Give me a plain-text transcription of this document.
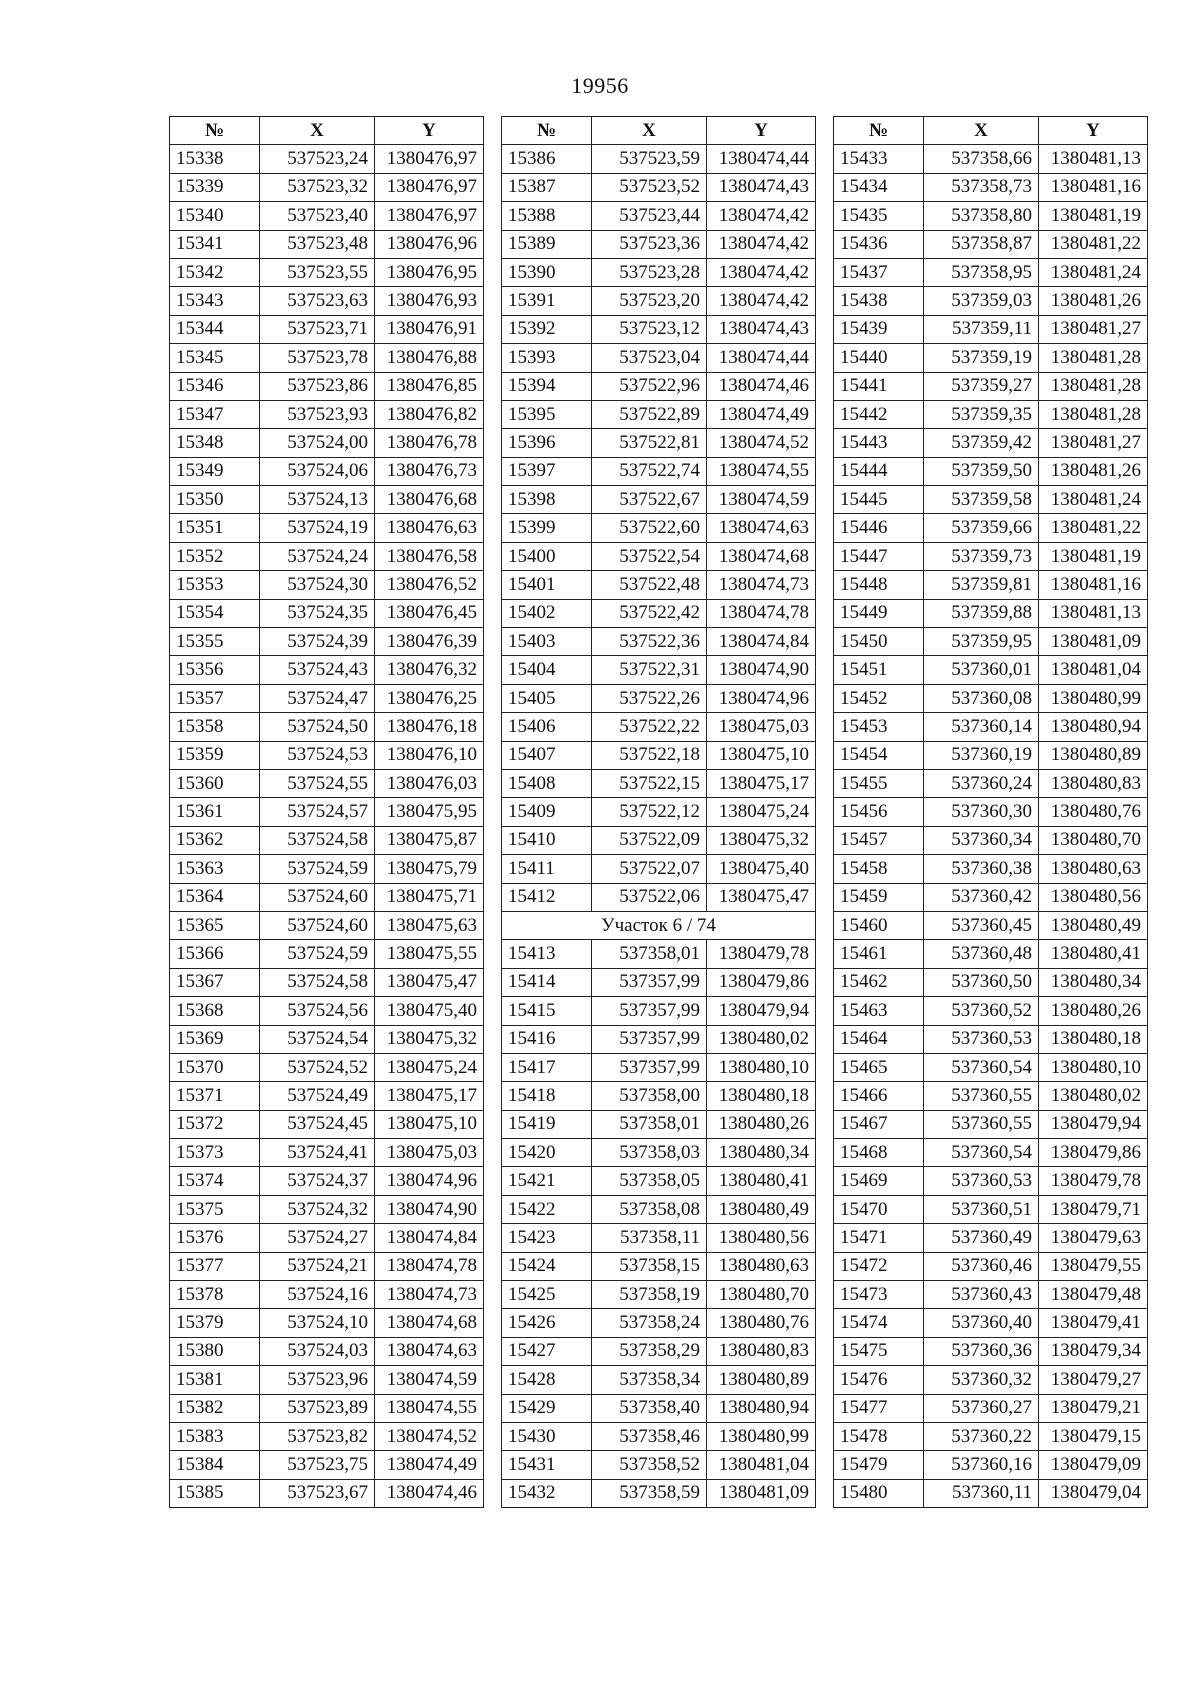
19956
№	X	Y
15338	537523,24	1380476,97
15339	537523,32	1380476,97
15340	537523,40	1380476,97
15341	537523,48	1380476,96
15342	537523,55	1380476,95
15343	537523,63	1380476,93
15344	537523,71	1380476,91
15345	537523,78	1380476,88
15346	537523,86	1380476,85
15347	537523,93	1380476,82
15348	537524,00	1380476,78
15349	537524,06	1380476,73
15350	537524,13	1380476,68
15351	537524,19	1380476,63
15352	537524,24	1380476,58
15353	537524,30	1380476,52
15354	537524,35	1380476,45
15355	537524,39	1380476,39
15356	537524,43	1380476,32
15357	537524,47	1380476,25
15358	537524,50	1380476,18
15359	537524,53	1380476,10
15360	537524,55	1380476,03
15361	537524,57	1380475,95
15362	537524,58	1380475,87
15363	537524,59	1380475,79
15364	537524,60	1380475,71
15365	537524,60	1380475,63
15366	537524,59	1380475,55
15367	537524,58	1380475,47
15368	537524,56	1380475,40
15369	537524,54	1380475,32
15370	537524,52	1380475,24
15371	537524,49	1380475,17
15372	537524,45	1380475,10
15373	537524,41	1380475,03
15374	537524,37	1380474,96
15375	537524,32	1380474,90
15376	537524,27	1380474,84
15377	537524,21	1380474,78
15378	537524,16	1380474,73
15379	537524,10	1380474,68
15380	537524,03	1380474,63
15381	537523,96	1380474,59
15382	537523,89	1380474,55
15383	537523,82	1380474,52
15384	537523,75	1380474,49
15385	537523,67	1380474,46
№	X	Y
15386	537523,59	1380474,44
15387	537523,52	1380474,43
15388	537523,44	1380474,42
15389	537523,36	1380474,42
15390	537523,28	1380474,42
15391	537523,20	1380474,42
15392	537523,12	1380474,43
15393	537523,04	1380474,44
15394	537522,96	1380474,46
15395	537522,89	1380474,49
15396	537522,81	1380474,52
15397	537522,74	1380474,55
15398	537522,67	1380474,59
15399	537522,60	1380474,63
15400	537522,54	1380474,68
15401	537522,48	1380474,73
15402	537522,42	1380474,78
15403	537522,36	1380474,84
15404	537522,31	1380474,90
15405	537522,26	1380474,96
15406	537522,22	1380475,03
15407	537522,18	1380475,10
15408	537522,15	1380475,17
15409	537522,12	1380475,24
15410	537522,09	1380475,32
15411	537522,07	1380475,40
15412	537522,06	1380475,47
Участок 6 / 74		
15413	537358,01	1380479,78
15414	537357,99	1380479,86
15415	537357,99	1380479,94
15416	537357,99	1380480,02
15417	537357,99	1380480,10
15418	537358,00	1380480,18
15419	537358,01	1380480,26
15420	537358,03	1380480,34
15421	537358,05	1380480,41
15422	537358,08	1380480,49
15423	537358,11	1380480,56
15424	537358,15	1380480,63
15425	537358,19	1380480,70
15426	537358,24	1380480,76
15427	537358,29	1380480,83
15428	537358,34	1380480,89
15429	537358,40	1380480,94
15430	537358,46	1380480,99
15431	537358,52	1380481,04
15432	537358,59	1380481,09
№	X	Y
15433	537358,66	1380481,13
15434	537358,73	1380481,16
15435	537358,80	1380481,19
15436	537358,87	1380481,22
15437	537358,95	1380481,24
15438	537359,03	1380481,26
15439	537359,11	1380481,27
15440	537359,19	1380481,28
15441	537359,27	1380481,28
15442	537359,35	1380481,28
15443	537359,42	1380481,27
15444	537359,50	1380481,26
15445	537359,58	1380481,24
15446	537359,66	1380481,22
15447	537359,73	1380481,19
15448	537359,81	1380481,16
15449	537359,88	1380481,13
15450	537359,95	1380481,09
15451	537360,01	1380481,04
15452	537360,08	1380480,99
15453	537360,14	1380480,94
15454	537360,19	1380480,89
15455	537360,24	1380480,83
15456	537360,30	1380480,76
15457	537360,34	1380480,70
15458	537360,38	1380480,63
15459	537360,42	1380480,56
15460	537360,45	1380480,49
15461	537360,48	1380480,41
15462	537360,50	1380480,34
15463	537360,52	1380480,26
15464	537360,53	1380480,18
15465	537360,54	1380480,10
15466	537360,55	1380480,02
15467	537360,55	1380479,94
15468	537360,54	1380479,86
15469	537360,53	1380479,78
15470	537360,51	1380479,71
15471	537360,49	1380479,63
15472	537360,46	1380479,55
15473	537360,43	1380479,48
15474	537360,40	1380479,41
15475	537360,36	1380479,34
15476	537360,32	1380479,27
15477	537360,27	1380479,21
15478	537360,22	1380479,15
15479	537360,16	1380479,09
15480	537360,11	1380479,04
